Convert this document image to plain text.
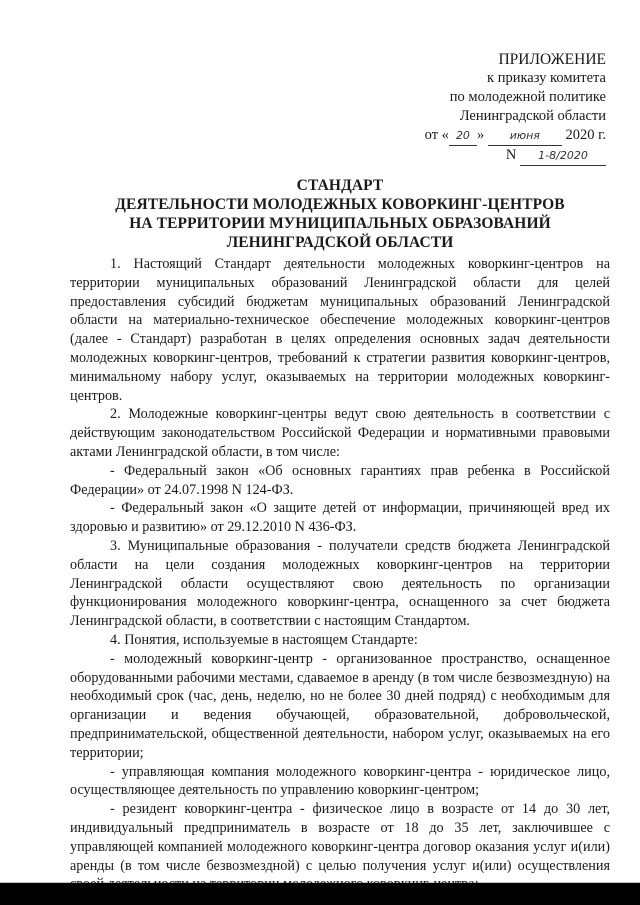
ПРИЛОЖЕНИЕ
к приказу комитета
по молодежной политике
Ленинградской области
от « 20 » июня 2020 г.
N 1-8/2020
СТАНДАРТ
ДЕЯТЕЛЬНОСТИ МОЛОДЕЖНЫХ КОВОРКИНГ-ЦЕНТРОВ
НА ТЕРРИТОРИИ МУНИЦИПАЛЬНЫХ ОБРАЗОВАНИЙ
ЛЕНИНГРАДСКОЙ ОБЛАСТИ

1. Настоящий Стандарт деятельности молодежных коворкинг-центров на территории муниципальных образований Ленинградской области для целей предоставления субсидий бюджетам муниципальных образований Ленинградской области на материально-техническое обеспечение молодежных коворкинг-центров (далее - Стандарт) разработан в целях определения основных задач деятельности молодежных коворкинг-центров, требований к стратегии развития коворкинг-центров, минимальному набору услуг, оказываемых на территории молодежных коворкинг-центров.

2. Молодежные коворкинг-центры ведут свою деятельность в соответствии с действующим законодательством Российской Федерации и нормативными правовыми актами Ленинградской области, в том числе:

- Федеральный закон «Об основных гарантиях прав ребенка в Российской Федерации» от 24.07.1998 N 124-ФЗ.

- Федеральный закон «О защите детей от информации, причиняющей вред их здоровью и развитию» от 29.12.2010 N 436-ФЗ.

3. Муниципальные образования - получатели средств бюджета Ленинградской области на цели создания молодежных коворкинг-центров на территории Ленинградской области осуществляют свою деятельность по организации функционирования молодежного коворкинг-центра, оснащенного за счет бюджета Ленинградской области, в соответствии с настоящим Стандартом.

4. Понятия, используемые в настоящем Стандарте:

- молодежный коворкинг-центр - организованное пространство, оснащенное оборудованными рабочими местами, сдаваемое в аренду (в том числе безвозмездную) на необходимый срок (час, день, неделю, но не более 30 дней подряд) с необходимым для организации и ведения обучающей, образовательной, добровольческой, предпринимательской, общественной деятельности, набором услуг, оказываемых на его территории;

- управляющая компания молодежного коворкинг-центра - юридическое лицо, осуществляющее деятельность по управлению коворкинг-центром;

- резидент коворкинг-центра - физическое лицо в возрасте от 14 до 30 лет, индивидуальный предприниматель в возрасте от 18 до 35 лет, заключившее с управляющей компанией молодежного коворкинг-центра договор оказания услуг и(или) аренды (в том числе безвозмездной) с целью получения услуг и(или) осуществления
